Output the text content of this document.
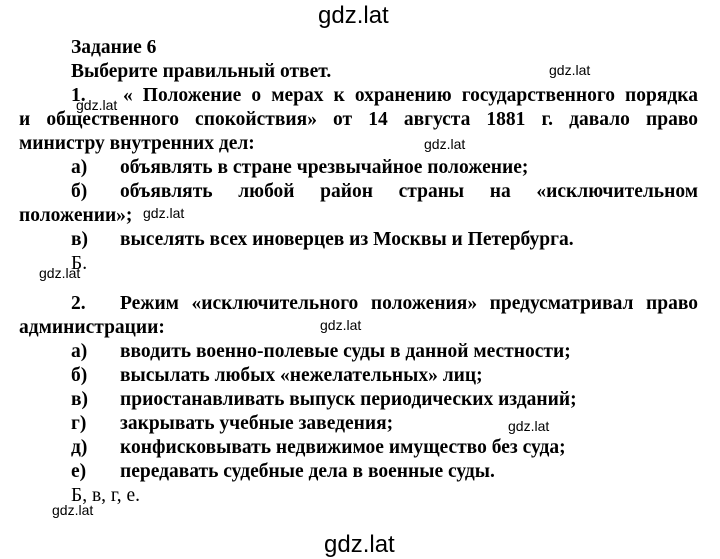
gdz.lat
gdz.lat
gdz.lat
gdz.lat
gdz.lat
gdz.lat
gdz.lat
gdz.lat
gdz.lat
gdz.lat
Задание 6
Выберите правильный ответ.
1. « Положение о мерах к охранению государственного порядка
и общественного спокойствия» от 14 августа 1881 г. давало право
министру внутренних дел:
а) объявлять в стране чрезвычайное положение;
б) объявлять любой район страны на «исключительном
положении»;
в) выселять всех иноверцев из Москвы и Петербурга.
Б.
2. Режим «исключительного положения» предусматривал право
администрации:
а) вводить военно-полевые суды в данной местности;
б) высылать любых «нежелательных» лиц;
в) приостанавливать выпуск периодических изданий;
г) закрывать учебные заведения;
д) конфисковывать недвижимое имущество без суда;
е) передавать судебные дела в военные суды.
Б, в, г, е.
